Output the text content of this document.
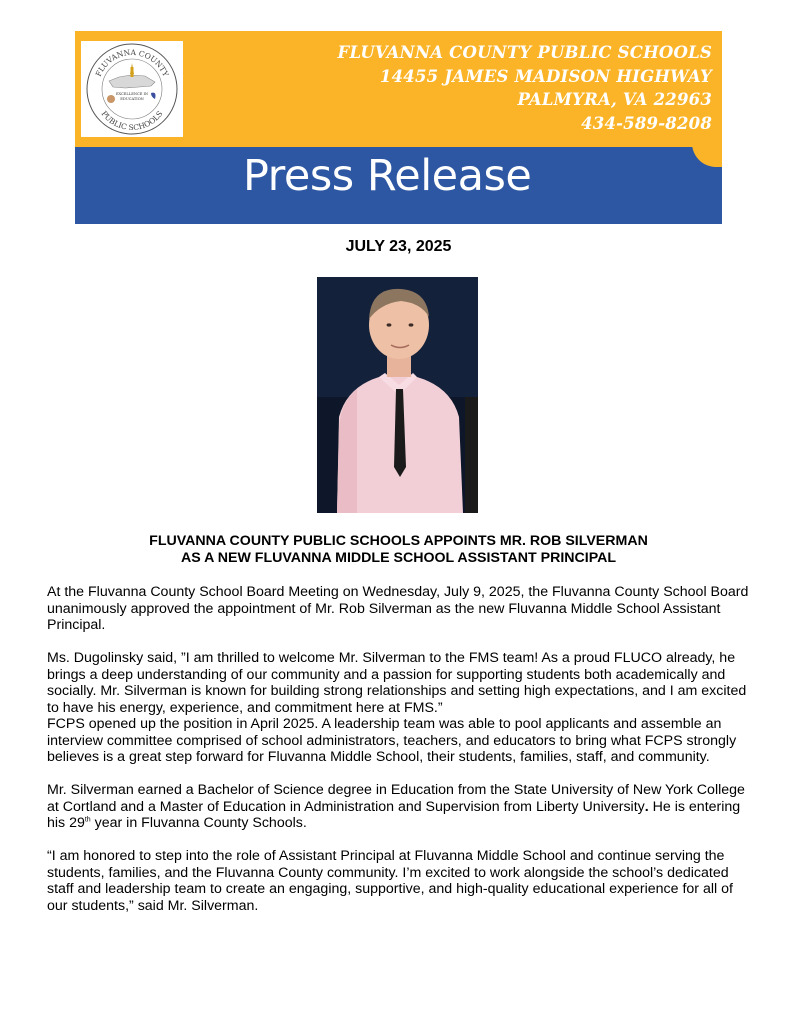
FLUVANNA COUNTY
PUBLIC SCHOOLS
EXCELLENCE IN
EDUCATION
FLUVANNA COUNTY PUBLIC SCHOOLS
14455 JAMES MADISON HIGHWAY
PALMYRA, VA 22963
434-589-8208
Press Release
JULY 23, 2025
FLUVANNA COUNTY PUBLIC SCHOOLS APPOINTS MR. ROB SILVERMAN
AS A NEW FLUVANNA MIDDLE SCHOOL ASSISTANT PRINCIPAL

At the Fluvanna County School Board Meeting on Wednesday, July 9, 2025, the Fluvanna County School Board unanimously approved the appointment of Mr. Rob Silverman as the new Fluvanna Middle School Assistant Principal.

Ms. Dugolinsky said, ”I am thrilled to welcome Mr. Silverman to the FMS team! As a proud FLUCO already, he brings a deep understanding of our community and a passion for supporting students both academically and socially. Mr. Silverman is known for building strong relationships and setting high expectations, and I am excited to have his energy, experience, and commitment here at FMS.”

FCPS opened up the position in April 2025. A leadership team was able to pool applicants and assemble an interview committee comprised of school administrators, teachers, and educators to bring what FCPS strongly believes is a great step forward for Fluvanna Middle School, their students, families, staff, and community.

Mr. Silverman earned a Bachelor of Science degree in Education from the State University of New York College at Cortland and a Master of Education in Administration and Supervision from Liberty University. He is entering his 29th year in Fluvanna County Schools.

“I am honored to step into the role of Assistant Principal at Fluvanna Middle School and continue serving the students, families, and the Fluvanna County community. I’m excited to work alongside the school’s dedicated staff and leadership team to create an engaging, supportive, and high-quality educational experience for all of our students,” said Mr. Silverman.
